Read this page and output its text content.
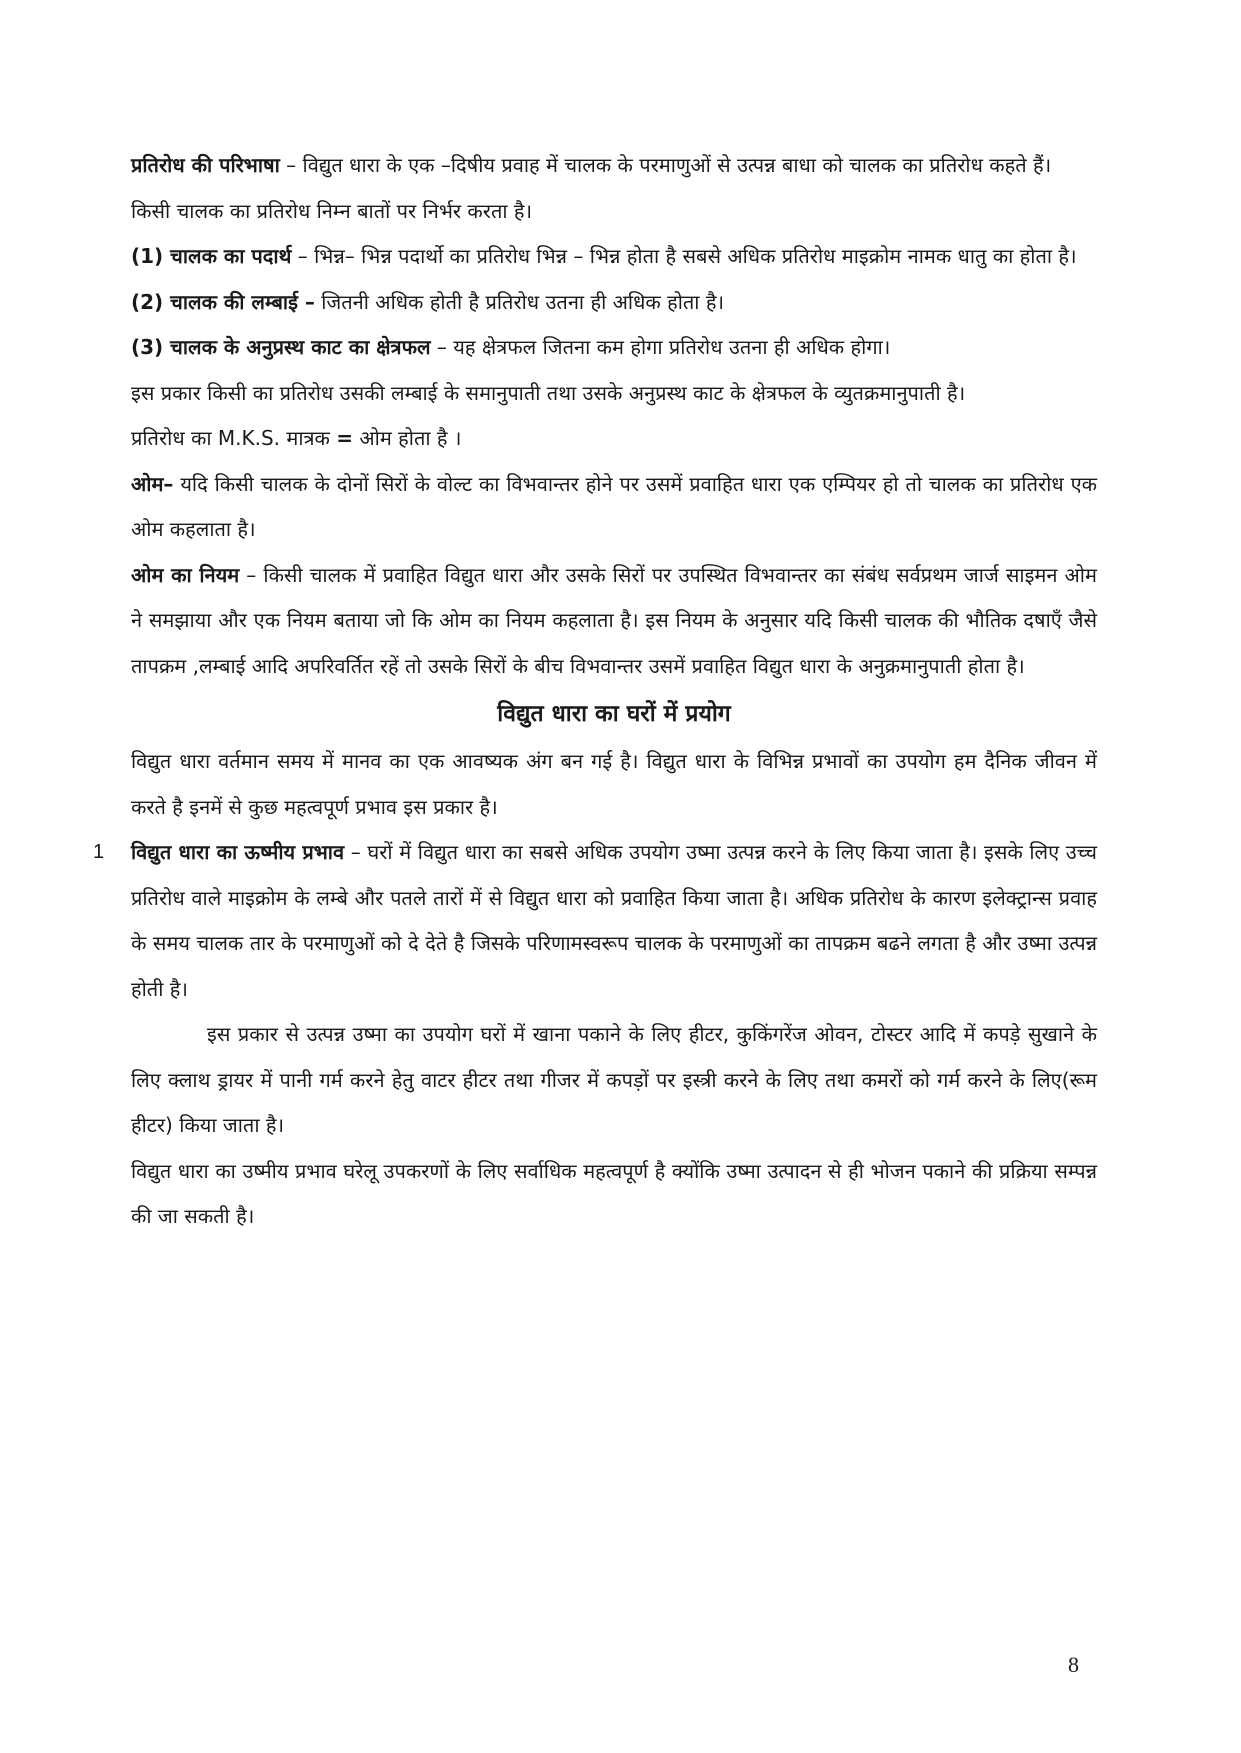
प्रतिरोध की परिभाषा – विद्युत धारा के एक –दिषीय प्रवाह में चालक के परमाणुओं से उत्पन्न बाधा को चालक का प्रतिरोध कहते हैं।

किसी चालक का प्रतिरोध निम्न बातों पर निर्भर करता है।

(1) चालक का पदार्थ – भिन्न– भिन्न पदार्थो का प्रतिरोध भिन्न – भिन्न होता है सबसे अधिक प्रतिरोध माइक्रोम नामक धातु का होता है।

(2) चालक की लम्बाई – जितनी अधिक होती है प्रतिरोध उतना ही अधिक होता है।

(3) चालक के अनुप्रस्थ काट का क्षेत्रफल – यह क्षेत्रफल जितना कम होगा प्रतिरोध उतना ही अधिक होगा।

इस प्रकार किसी का प्रतिरोध उसकी लम्बाई के समानुपाती तथा उसके अनुप्रस्थ काट के क्षेत्रफल के व्युतक्रमानुपाती है।

प्रतिरोध का M.K.S. मात्रक = ओम होता है ।

ओम– यदि किसी चालक के दोनों सिरों के वोल्ट का विभवान्तर होने पर उसमें प्रवाहित धारा एक एम्पियर हो तो चालक का प्रतिरोध एक ओम कहलाता है।

ओम का नियम – किसी चालक में प्रवाहित विद्युत धारा और उसके सिरों पर उपस्थित विभवान्तर का संबंध सर्वप्रथम जार्ज साइमन ओम ने समझाया और एक नियम बताया जो कि ओम का नियम कहलाता है। इस नियम के अनुसार यदि किसी चालक की भौतिक दषाऍं जैसे तापक्रम ,लम्बाई आदि अपरिवर्तित रहें तो उसके सिरों के बीच विभवान्तर उसमें प्रवाहित विद्युत धारा के अनुक्रमानुपाती होता है।

विद्युत धारा का घरों में प्रयोग

विद्युत धारा वर्तमान समय में मानव का एक आवष्यक अंग बन गई है। विद्युत धारा के विभिन्न प्रभावों का उपयोग हम दैनिक जीवन में करते है इनमें से कुछ महत्वपूर्ण प्रभाव इस प्रकार है।

1 विद्युत धारा का ऊष्मीय प्रभाव – घरों में विद्युत धारा का सबसे अधिक उपयोग उष्मा उत्पन्न करने के लिए किया जाता है। इसके लिए उच्च प्रतिरोध वाले माइक्रोम के लम्बे और पतले तारों में से विद्युत धारा को प्रवाहित किया जाता है। अधिक प्रतिरोध के कारण इलेक्ट्रान्स प्रवाह के समय चालक तार के परमाणुओं को दे देते है जिसके परिणामस्वरूप चालक के परमाणुओं का तापक्रम बढने लगता है और उष्मा उत्पन्न होती है।

इस प्रकार से उत्पन्न उष्मा का उपयोग घरों में खाना पकाने के लिए हीटर, कुकिंगरेंज ओवन, टोस्टर आदि में कपड़े सुखाने के लिए क्लाथ ड्रायर में पानी गर्म करने हेतु वाटर हीटर तथा गीजर में कपड़ों पर इस्त्री करने के लिए तथा कमरों को गर्म करने के लिए(रूम हीटर) किया जाता है।

विद्युत धारा का उष्मीय प्रभाव घरेलू उपकरणों के लिए सर्वाधिक महत्वपूर्ण है क्योंकि उष्मा उत्पादन से ही भोजन पकाने की प्रक्रिया सम्पन्न की जा सकती है।

8
